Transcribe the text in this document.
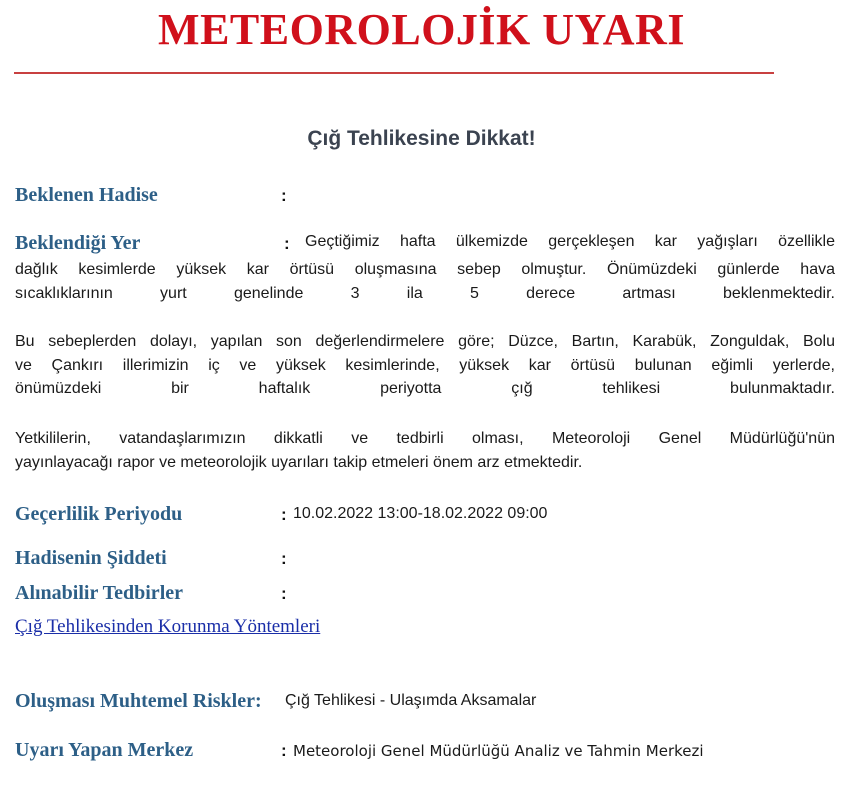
METEOROLOJİK UYARI
Çığ Tehlikesine Dikkat!
Beklenen Hadise	:
Beklendiği Yer	: Geçtiğimiz hafta ülkemizde gerçekleşen kar yağışları özellikle
dağlık kesimlerde yüksek kar örtüsü oluşmasına sebep olmuştur. Önümüzdeki günlerde hava
sıcaklıklarının yurt genelinde 3 ila 5 derece artması beklenmektedir.
Bu sebeplerden dolayı, yapılan son değerlendirmelere göre; Düzce, Bartın, Karabük, Zonguldak, Bolu
ve Çankırı illerimizin iç ve yüksek kesimlerinde, yüksek kar örtüsü bulunan eğimli yerlerde,
önümüzdeki bir haftalık periyotta çığ tehlikesi bulunmaktadır.
Yetkililerin, vatandaşlarımızın dikkatli ve tedbirli olması, Meteoroloji Genel Müdürlüğü'nün
yayınlayacağı rapor ve meteorolojik uyarıları takip etmeleri önem arz etmektedir.
Geçerlilik Periyodu	: 10.02.2022 13:00-18.02.2022 09:00
Hadisenin Şiddeti	:
Alınabilir Tedbirler	:
Çığ Tehlikesinden Korunma Yöntemleri
Oluşması Muhtemel Riskler: Çığ Tehlikesi - Ulaşımda Aksamalar
Uyarı Yapan Merkez	: Meteoroloji Genel Müdürlüğü Analiz ve Tahmin Merkezi
